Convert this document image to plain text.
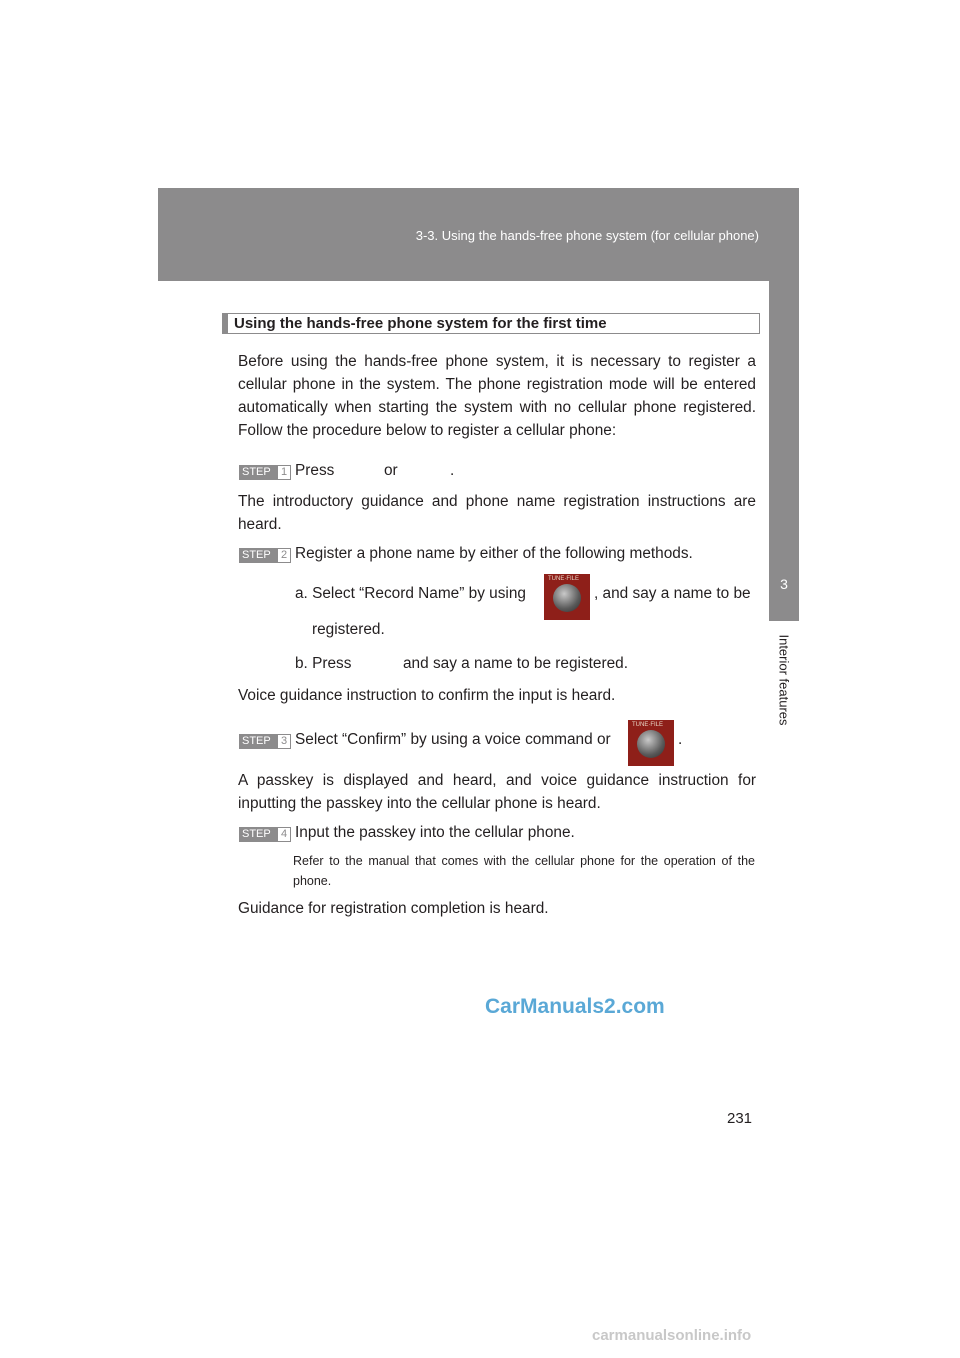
3-3. Using the hands-free phone system (for cellular phone)
3
Interior features
Using the hands-free phone system for the first time
Before using the hands-free phone system, it is necessary to register a cellular phone in the system. The phone registration mode will be entered automatically when starting the system with no cellular phone registered. Follow the procedure below to register a cellular phone:
STEP 1 Press	or	.
The introductory guidance and phone name registration instructions are heard.
STEP 2 Register a phone name by either of the following methods.
a. Select “Record Name” by using
TUNE·FILE
, and say a name to be
registered.
b. Press	and say a name to be registered.
Voice guidance instruction to confirm the input is heard.
STEP 3 Select “Confirm” by using a voice command or
TUNE·FILE
.
A passkey is displayed and heard, and voice guidance instruction for inputting the passkey into the cellular phone is heard.
STEP 4 Input the passkey into the cellular phone.
Refer to the manual that comes with the cellular phone for the operation of the phone.
Guidance for registration completion is heard.
CarManuals2.com
231
carmanualsonline.info
